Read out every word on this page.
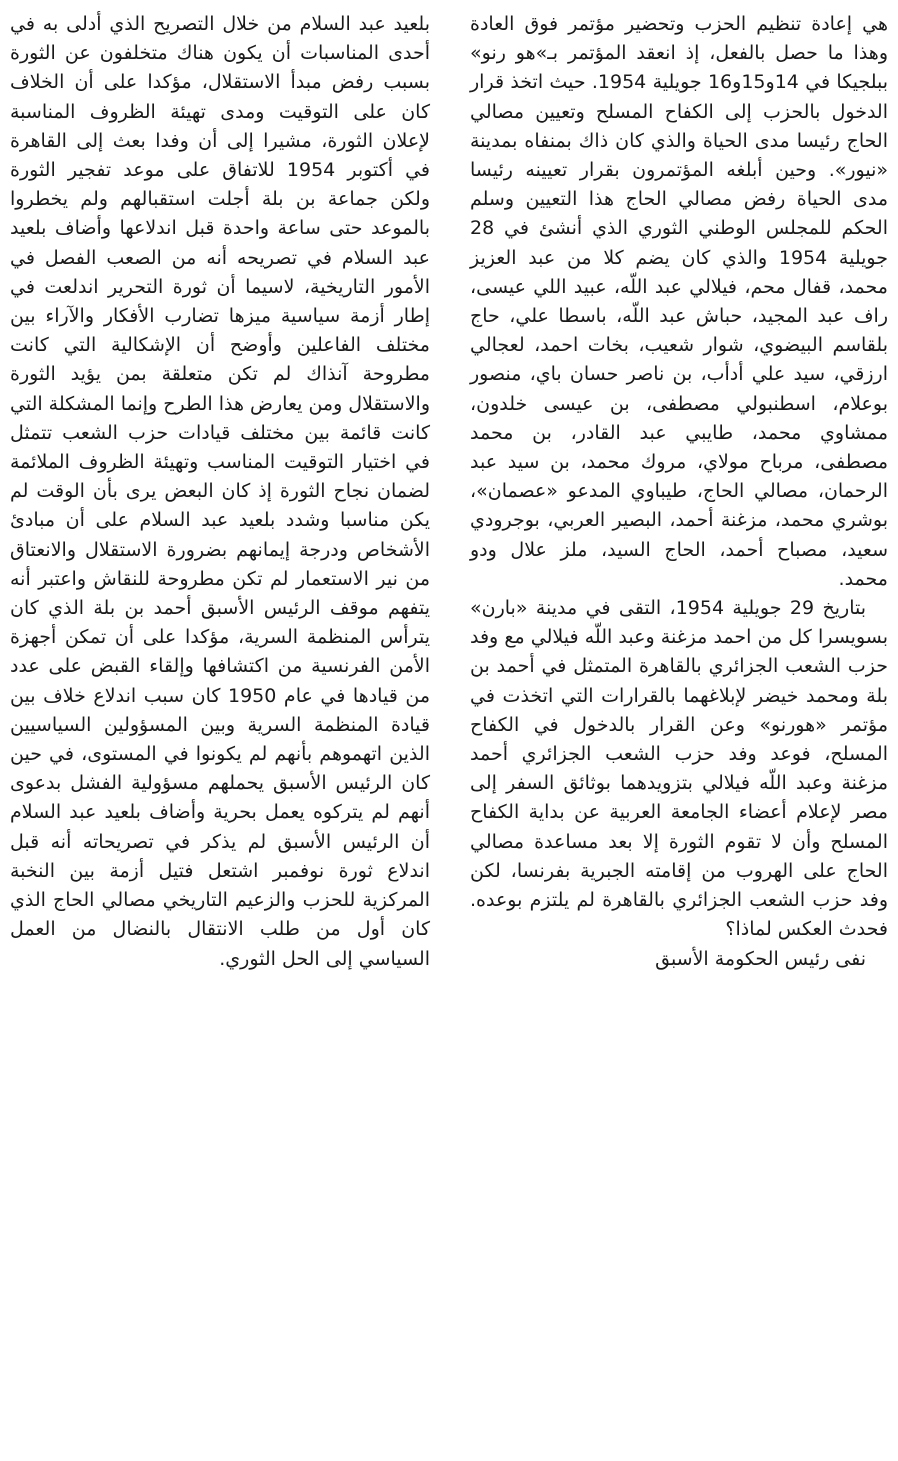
هي إعادة تنظيم الحزب وتحضير مؤتمر فوق العادة وهذا ما حصل بالفعل، إذ انعقد المؤتمر بـ»هو رنو» ببلجيكا في 14و15و16 جويلية 1954. حيث اتخذ قرار الدخول بالحزب إلى الكفاح المسلح وتعيين مصالي الحاج رئيسا مدى الحياة والذي كان ذاك بمنفاه بمدينة «نيور». وحين أبلغه المؤتمرون بقرار تعيينه رئيسا مدى الحياة رفض مصالي الحاج هذا التعيين وسلم الحكم للمجلس الوطني الثوري الذي أنشئ في 28 جويلية 1954 والذي كان يضم كلا من عبد العزيز محمد، قفال محم، فيلالي عبد اللّه، عبيد اللي عيسى، راف عبد المجيد، حباش عبد اللّه، باسطا علي، حاج بلقاسم البيضوي، شوار شعيب، بخات احمد، لعجالي ارزقي، سيد علي أدأب، بن ناصر حسان باي، منصور بوعلام، اسطنبولي مصطفى، بن عيسى خلدون، ممشاوي محمد، طايبي عبد القادر، بن محمد مصطفى، مرباح مولاي، مروك محمد، بن سيد عبد الرحمان، مصالي الحاج، طيباوي المدعو «عصمان»، بوشري محمد، مزغنة أحمد، البصير العربي، بوجرودي سعيد، مصباح أحمد، الحاج السيد، ملز علال ودو محمد.

بتاريخ 29 جويلية 1954، التقى في مدينة «بارن» بسويسرا كل من احمد مزغنة وعبد اللّه فيلالي مع وفد حزب الشعب الجزائري بالقاهرة المتمثل في أحمد بن بلة ومحمد خيضر لإبلاغهما بالقرارات التي اتخذت في مؤتمر «هورنو» وعن القرار بالدخول في الكفاح المسلح، فوعد وفد حزب الشعب الجزائري أحمد مزغنة وعبد اللّه فيلالي بتزويدهما بوثائق السفر إلى مصر لإعلام أعضاء الجامعة العربية عن بداية الكفاح المسلح وأن لا تقوم الثورة إلا بعد مساعدة مصالي الحاج على الهروب من إقامته الجبرية بفرنسا، لكن وفد حزب الشعب الجزائري بالقاهرة لم يلتزم بوعده. فحدث العكس لماذا؟

نفى رئيس الحكومة الأسبق

بلعيد عبد السلام من خلال التصريح الذي أدلى به في أحدى المناسبات أن يكون هناك متخلفون عن الثورة بسبب رفض مبدأ الاستقلال، مؤكدا على أن الخلاف كان على التوقيت ومدى تهيئة الظروف المناسبة لإعلان الثورة، مشيرا إلى أن وفدا بعث إلى القاهرة في أكتوبر 1954 للاتفاق على موعد تفجير الثورة ولكن جماعة بن بلة أجلت استقبالهم ولم يخطروا بالموعد حتى ساعة واحدة قبل اندلاعها وأضاف بلعيد عبد السلام في تصريحه أنه من الصعب الفصل في الأمور التاريخية، لاسيما أن ثورة التحرير اندلعت في إطار أزمة سياسية ميزها تضارب الأفكار والآراء بين مختلف الفاعلين وأوضح أن الإشكالية التي كانت مطروحة آنذاك لم تكن متعلقة بمن يؤيد الثورة والاستقلال ومن يعارض هذا الطرح وإنما المشكلة التي كانت قائمة بين مختلف قيادات حزب الشعب تتمثل في اختيار التوقيت المناسب وتهيئة الظروف الملائمة لضمان نجاح الثورة إذ كان البعض يرى بأن الوقت لم يكن مناسبا وشدد بلعيد عبد السلام على أن مبادئ الأشخاص ودرجة إيمانهم بضرورة الاستقلال والانعتاق من نير الاستعمار لم تكن مطروحة للنقاش واعتبر أنه يتفهم موقف الرئيس الأسبق أحمد بن بلة الذي كان يترأس المنظمة السرية، مؤكدا على أن تمكن أجهزة الأمن الفرنسية من اكتشافها وإلقاء القبض على عدد من قيادها في عام 1950 كان سبب اندلاع خلاف بين قيادة المنظمة السرية وبين المسؤولين السياسيين الذين اتهموهم بأنهم لم يكونوا في المستوى، في حين كان الرئيس الأسبق يحملهم مسؤولية الفشل بدعوى أنهم لم يتركوه يعمل بحرية وأضاف بلعيد عبد السلام أن الرئيس الأسبق لم يذكر في تصريحاته أنه قبل اندلاع ثورة نوفمبر اشتعل فتيل أزمة بين النخبة المركزية للحزب والزعيم التاريخي مصالي الحاج الذي كان أول من طلب الانتقال بالنضال من العمل السياسي إلى الحل الثوري.
